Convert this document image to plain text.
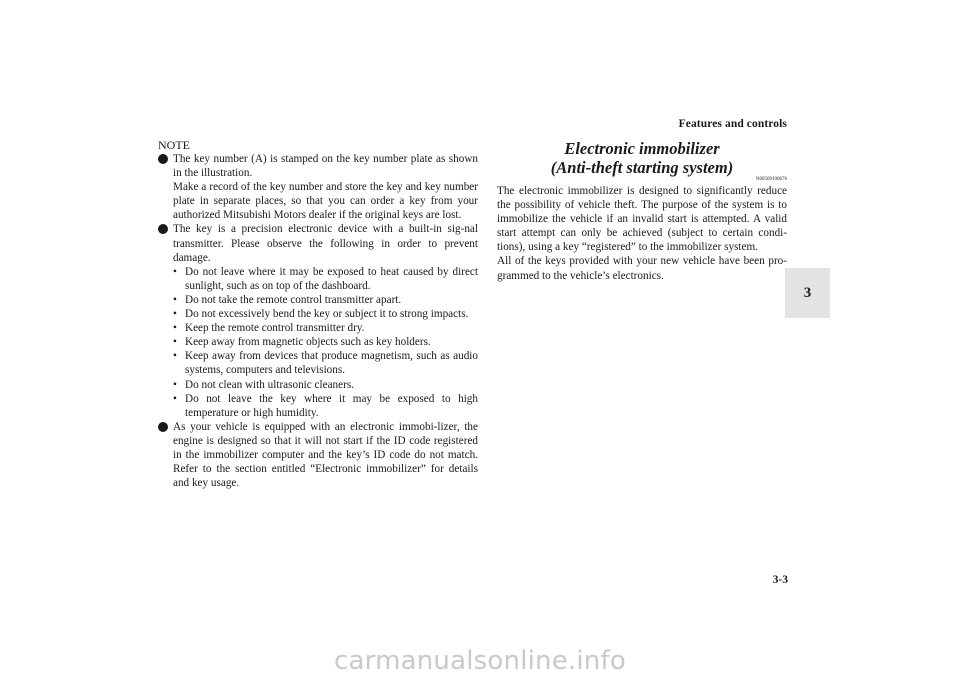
Features and controls
3
NOTE

The key number (A) is stamped on the key number plate as shown in the illustration.

Make a record of the key number and store the key and key number plate in separate places, so that you can order a key from your authorized Mitsubishi Motors dealer if the original keys are lost.

The key is a precision electronic device with a built-in sig-nal transmitter. Please observe the following in order to prevent damage.

• Do not leave where it may be exposed to heat caused by direct sunlight, such as on top of the dashboard.
• Do not take the remote control transmitter apart.
• Do not excessively bend the key or subject it to strong impacts.
• Keep the remote control transmitter dry.
• Keep away from magnetic objects such as key holders.
• Keep away from devices that produce magnetism, such as audio systems, computers and televisions.
• Do not clean with ultrasonic cleaners.
• Do not leave the key where it may be exposed to high temperature or high humidity.

As your vehicle is equipped with an electronic immobi-lizer, the engine is designed so that it will not start if the ID code registered in the immobilizer computer and the key’s ID code do not match. Refer to the section entitled “Electronic immobilizer” for details and key usage.

Electronic immobilizer
(Anti-theft starting system)
N00509100676

The electronic immobilizer is designed to significantly reduce the possibility of vehicle theft. The purpose of the system is to immobilize the vehicle if an invalid start is attempted. A valid start attempt can only be achieved (subject to certain condi-tions), using a key “registered” to the immobilizer system.

All of the keys provided with your new vehicle have been pro-grammed to the vehicle’s electronics.

3-3
carmanualsonline.info
